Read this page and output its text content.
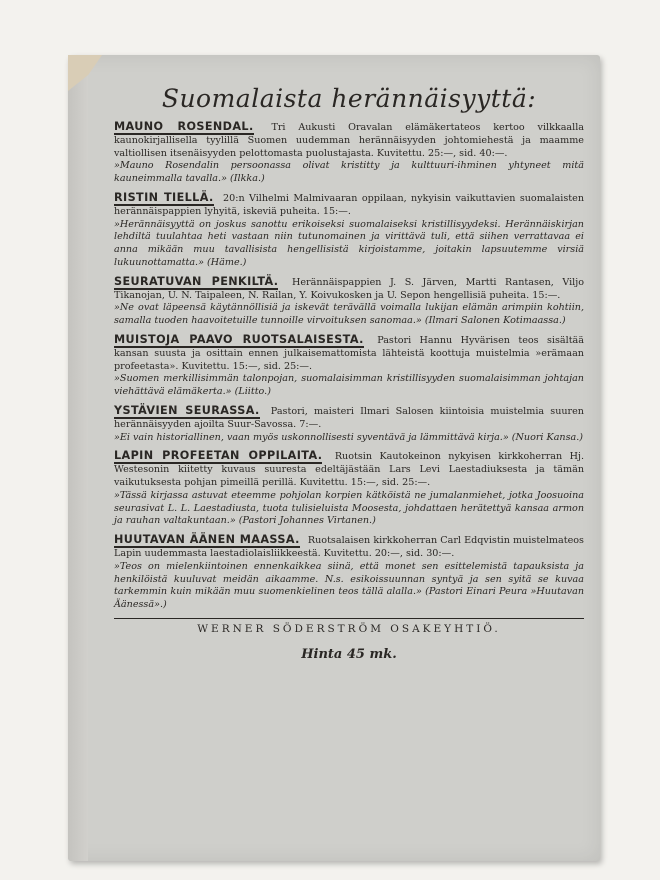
Suomalaista herännäisyyttä:

MAUNO ROSENDAL. Tri Aukusti Oravalan elämäkertateos kertoo vilkkaalla kaunokirjallisella tyylillä Suomen uudemman herännäisyyden johtomiehestä ja maamme valtiollisen itsenäisyyden pelottomasta puolustajasta. Kuvitettu. 25:—, sid. 40:—.

»Mauno Rosendalin persoonassa olivat kristitty ja kulttuuri-ihminen yhtyneet mitä kauneimmalla tavalla.» (Ilkka.)

RISTIN TIELLÄ. 20:n Vilhelmi Malmivaaran oppilaan, nykyisin vaikuttavien suomalaisten herännäispappien lyhyitä, iskeviä puheita. 15:—.

»Herännäisyyttä on joskus sanottu erikoiseksi suomalaiseksi kristillisyydeksi. Herännäiskirjan lehdiltä tuulahtaa heti vastaan niin tutunomainen ja virittävä tuli, että siihen verrattavaa ei anna mikään muu tavallisista hengellisistä kirjoistamme, joitakin lapsuutemme virsiä lukuunottamatta.» (Häme.)

SEURATUVAN PENKILTÄ. Herännäispappien J. S. Järven, Martti Rantasen, Viljo Tikanojan, U. N. Taipaleen, N. Railan, Y. Koivukosken ja U. Sepon hengellisiä puheita. 15:—.

»Ne ovat läpeensä käytännöllisiä ja iskevät terävällä voimalla lukijan elämän arimpiin kohtiin, samalla tuoden haavoitetuille tunnoille virvoituksen sanomaa.» (Ilmari Salonen Kotimaassa.)

MUISTOJA PAAVO RUOTSALAISESTA. Pastori Hannu Hyvärisen teos sisältää kansan suusta ja osittain ennen julkaisemattomista lähteistä koottuja muistelmia »erämaan profeetasta». Kuvitettu. 15:—, sid. 25:—.

»Suomen merkillisimmän talonpojan, suomalaisimman kristillisyyden suomalaisimman johtajan viehättävä elämäkerta.» (Liitto.)

YSTÄVIEN SEURASSA. Pastori, maisteri Ilmari Salosen kiintoisia muistelmia suuren herännäisyyden ajoilta Suur-Savossa. 7:—.

»Ei vain historiallinen, vaan myös uskonnollisesti syventävä ja lämmittävä kirja.» (Nuori Kansa.)

LAPIN PROFEETAN OPPILAITA. Ruotsin Kautokeinon nykyisen kirkkoherran Hj. Westesonin kiitetty kuvaus suuresta edeltäjästään Lars Levi Laestadiuksesta ja tämän vaikutuksesta pohjan pimeillä perillä. Kuvitettu. 15:—, sid. 25:—.

»Tässä kirjassa astuvat eteemme pohjolan korpien kätköistä ne jumalanmiehet, jotka Joosuoina seurasivat L. L. Laestadiusta, tuota tulisieluista Moosesta, johdattaen herätettyä kansaa armon ja rauhan valtakuntaan.» (Pastori Johannes Virtanen.)

HUUTAVAN ÄÄNEN MAASSA. Ruotsalaisen kirkkoherran Carl Edqvistin muistelmateos Lapin uudemmasta laestadiolaisliikkeestä. Kuvitettu. 20:—, sid. 30:—.

»Teos on mielenkiintoinen ennenkaikkea siinä, että monet sen esittelemistä tapauksista ja henkilöistä kuuluvat meidän aikaamme. N.s. esikoissuunnan syntyä ja sen syitä se kuvaa tarkemmin kuin mikään muu suomenkielinen teos tällä alalla.» (Pastori Einari Peura »Huutavan Äänessä».)

WERNER SÖDERSTRÖM OSAKEYHTIÖ.
Hinta 45 mk.
